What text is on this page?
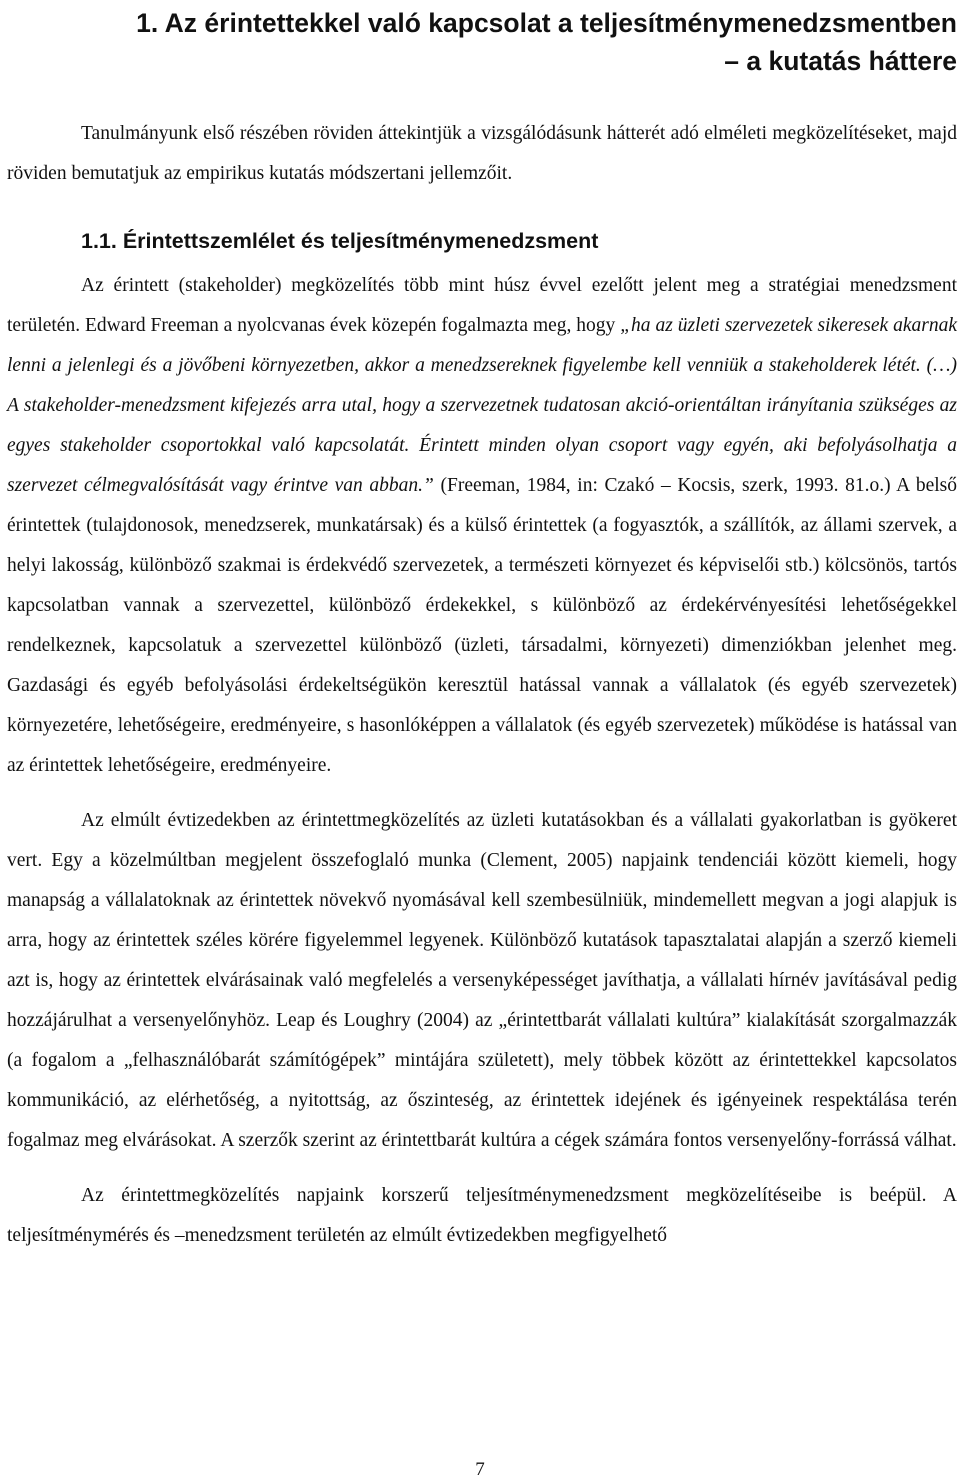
1. Az érintettekkel való kapcsolat a teljesítménymenedzsmentben
– a kutatás háttere

Tanulmányunk első részében röviden áttekintjük a vizsgálódásunk hátterét adó elméleti megközelítéseket, majd röviden bemutatjuk az empirikus kutatás módszertani jellemzőit.

1.1. Érintettszemlélet és teljesítménymenedzsment

Az érintett (stakeholder) megközelítés több mint húsz évvel ezelőtt jelent meg a stratégiai menedzsment területén. Edward Freeman a nyolcvanas évek közepén fogalmazta meg, hogy „ha az üzleti szervezetek sikeresek akarnak lenni a jelenlegi és a jövőbeni környezetben, akkor a menedzsereknek figyelembe kell venniük a stakeholderek létét. (…) A stakeholder-menedzsment kifejezés arra utal, hogy a szervezetnek tudatosan akció-orientáltan irányítania szükséges az egyes stakeholder csoportokkal való kapcsolatát. Érintett minden olyan csoport vagy egyén, aki befolyásolhatja a szervezet célmegvalósítását vagy érintve van abban.” (Freeman, 1984, in: Czakó – Kocsis, szerk, 1993. 81.o.) A belső érintettek (tulajdonosok, menedzserek, munkatársak) és a külső érintettek (a fogyasztók, a szállítók, az állami szervek, a helyi lakosság, különböző szakmai is érdekvédő szervezetek, a természeti környezet és képviselői stb.) kölcsönös, tartós kapcsolatban vannak a szervezettel, különböző érdekekkel, s különböző az érdekérvényesítési lehetőségekkel rendelkeznek, kapcsolatuk a szervezettel különböző (üzleti, társadalmi, környezeti) dimenziókban jelenhet meg. Gazdasági és egyéb befolyásolási érdekeltségükön keresztül hatással vannak a vállalatok (és egyéb szervezetek) környezetére, lehetőségeire, eredményeire, s hasonlóképpen a vállalatok (és egyéb szervezetek) működése is hatással van az érintettek lehetőségeire, eredményeire.

Az elmúlt évtizedekben az érintettmegközelítés az üzleti kutatásokban és a vállalati gyakorlatban is gyökeret vert. Egy a közelmúltban megjelent összefoglaló munka (Clement, 2005) napjaink tendenciái között kiemeli, hogy manapság a vállalatoknak az érintettek növekvő nyomásával kell szembesülniük, mindemellett megvan a jogi alapjuk is arra, hogy az érintettek széles körére figyelemmel legyenek. Különböző kutatások tapasztalatai alapján a szerző kiemeli azt is, hogy az érintettek elvárásainak való megfelelés a versenyképességet javíthatja, a vállalati hírnév javításával pedig hozzájárulhat a versenyelőnyhöz. Leap és Loughry (2004) az „érintettbarát vállalati kultúra” kialakítását szorgalmazzák (a fogalom a „felhasználóbarát számítógépek” mintájára született), mely többek között az érintettekkel kapcsolatos kommunikáció, az elérhetőség, a nyitottság, az őszinteség, az érintettek idejének és igényeinek respektálása terén fogalmaz meg elvárásokat. A szerzők szerint az érintettbarát kultúra a cégek számára fontos versenyelőny-forrássá válhat.

Az érintettmegközelítés napjaink korszerű teljesítménymenedzsment megközelítéseibe is beépül. A teljesítménymérés és –menedzsment területén az elmúlt évtizedekben megfigyelhető

7
